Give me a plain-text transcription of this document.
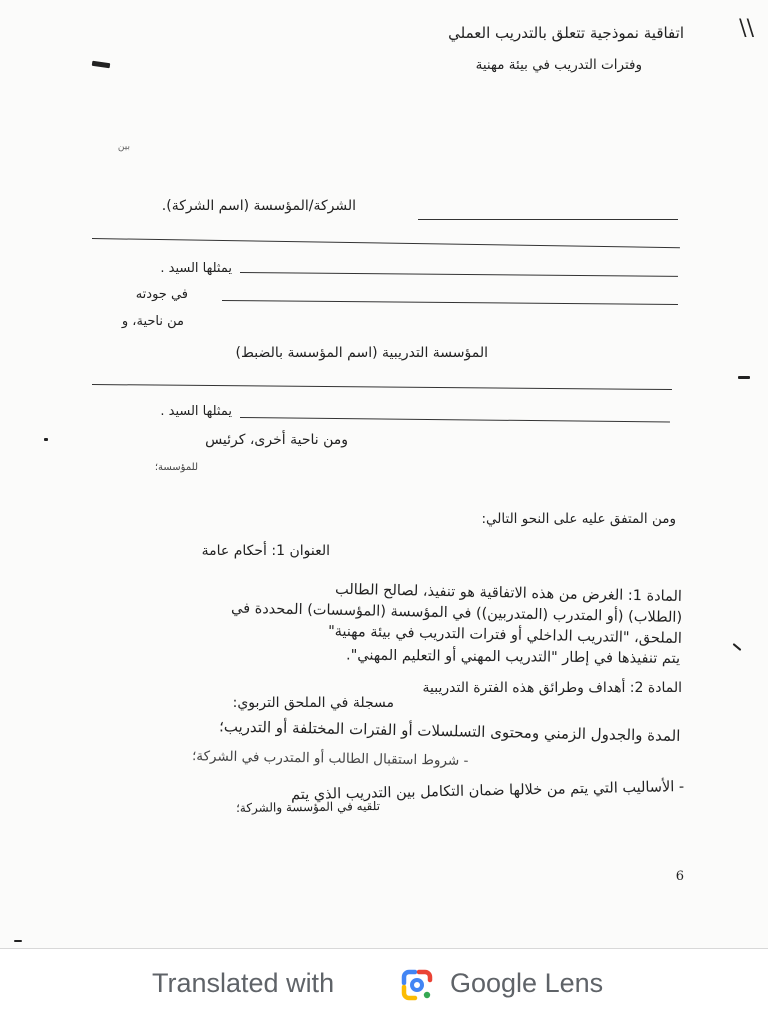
\\
اتفاقية نموذجية تتعلق بالتدريب العملي
وفترات التدريب في بيئة مهنية
بين
الشركة/المؤسسة (اسم الشركة).
يمثلها السيد .
في جودته
من ناحية، و
المؤسسة التدريبية (اسم المؤسسة بالضبط)
يمثلها السيد .
ومن ناحية أخرى، كرئيس
للمؤسسة؛
ومن المتفق عليه على النحو التالي:
العنوان 1: أحكام عامة
المادة 1: الغرض من هذه الاتفاقية هو تنفيذ، لصالح الطالب
(الطلاب) (أو المتدرب (المتدربين)) في المؤسسة (المؤسسات) المحددة في
الملحق، "التدريب الداخلي أو فترات التدريب في بيئة مهنية"
يتم تنفيذها في إطار "التدريب المهني أو التعليم المهني".
المادة 2: أهداف وطرائق هذه الفترة التدريبية
مسجلة في الملحق التربوي:
المدة والجدول الزمني ومحتوى التسلسلات أو الفترات المختلفة أو التدريب؛
- شروط استقبال الطالب أو المتدرب في الشركة؛
- الأساليب التي يتم من خلالها ضمان التكامل بين التدريب الذي يتم
تلقيه في المؤسسة والشركة؛
6
Translated with	Google Lens
